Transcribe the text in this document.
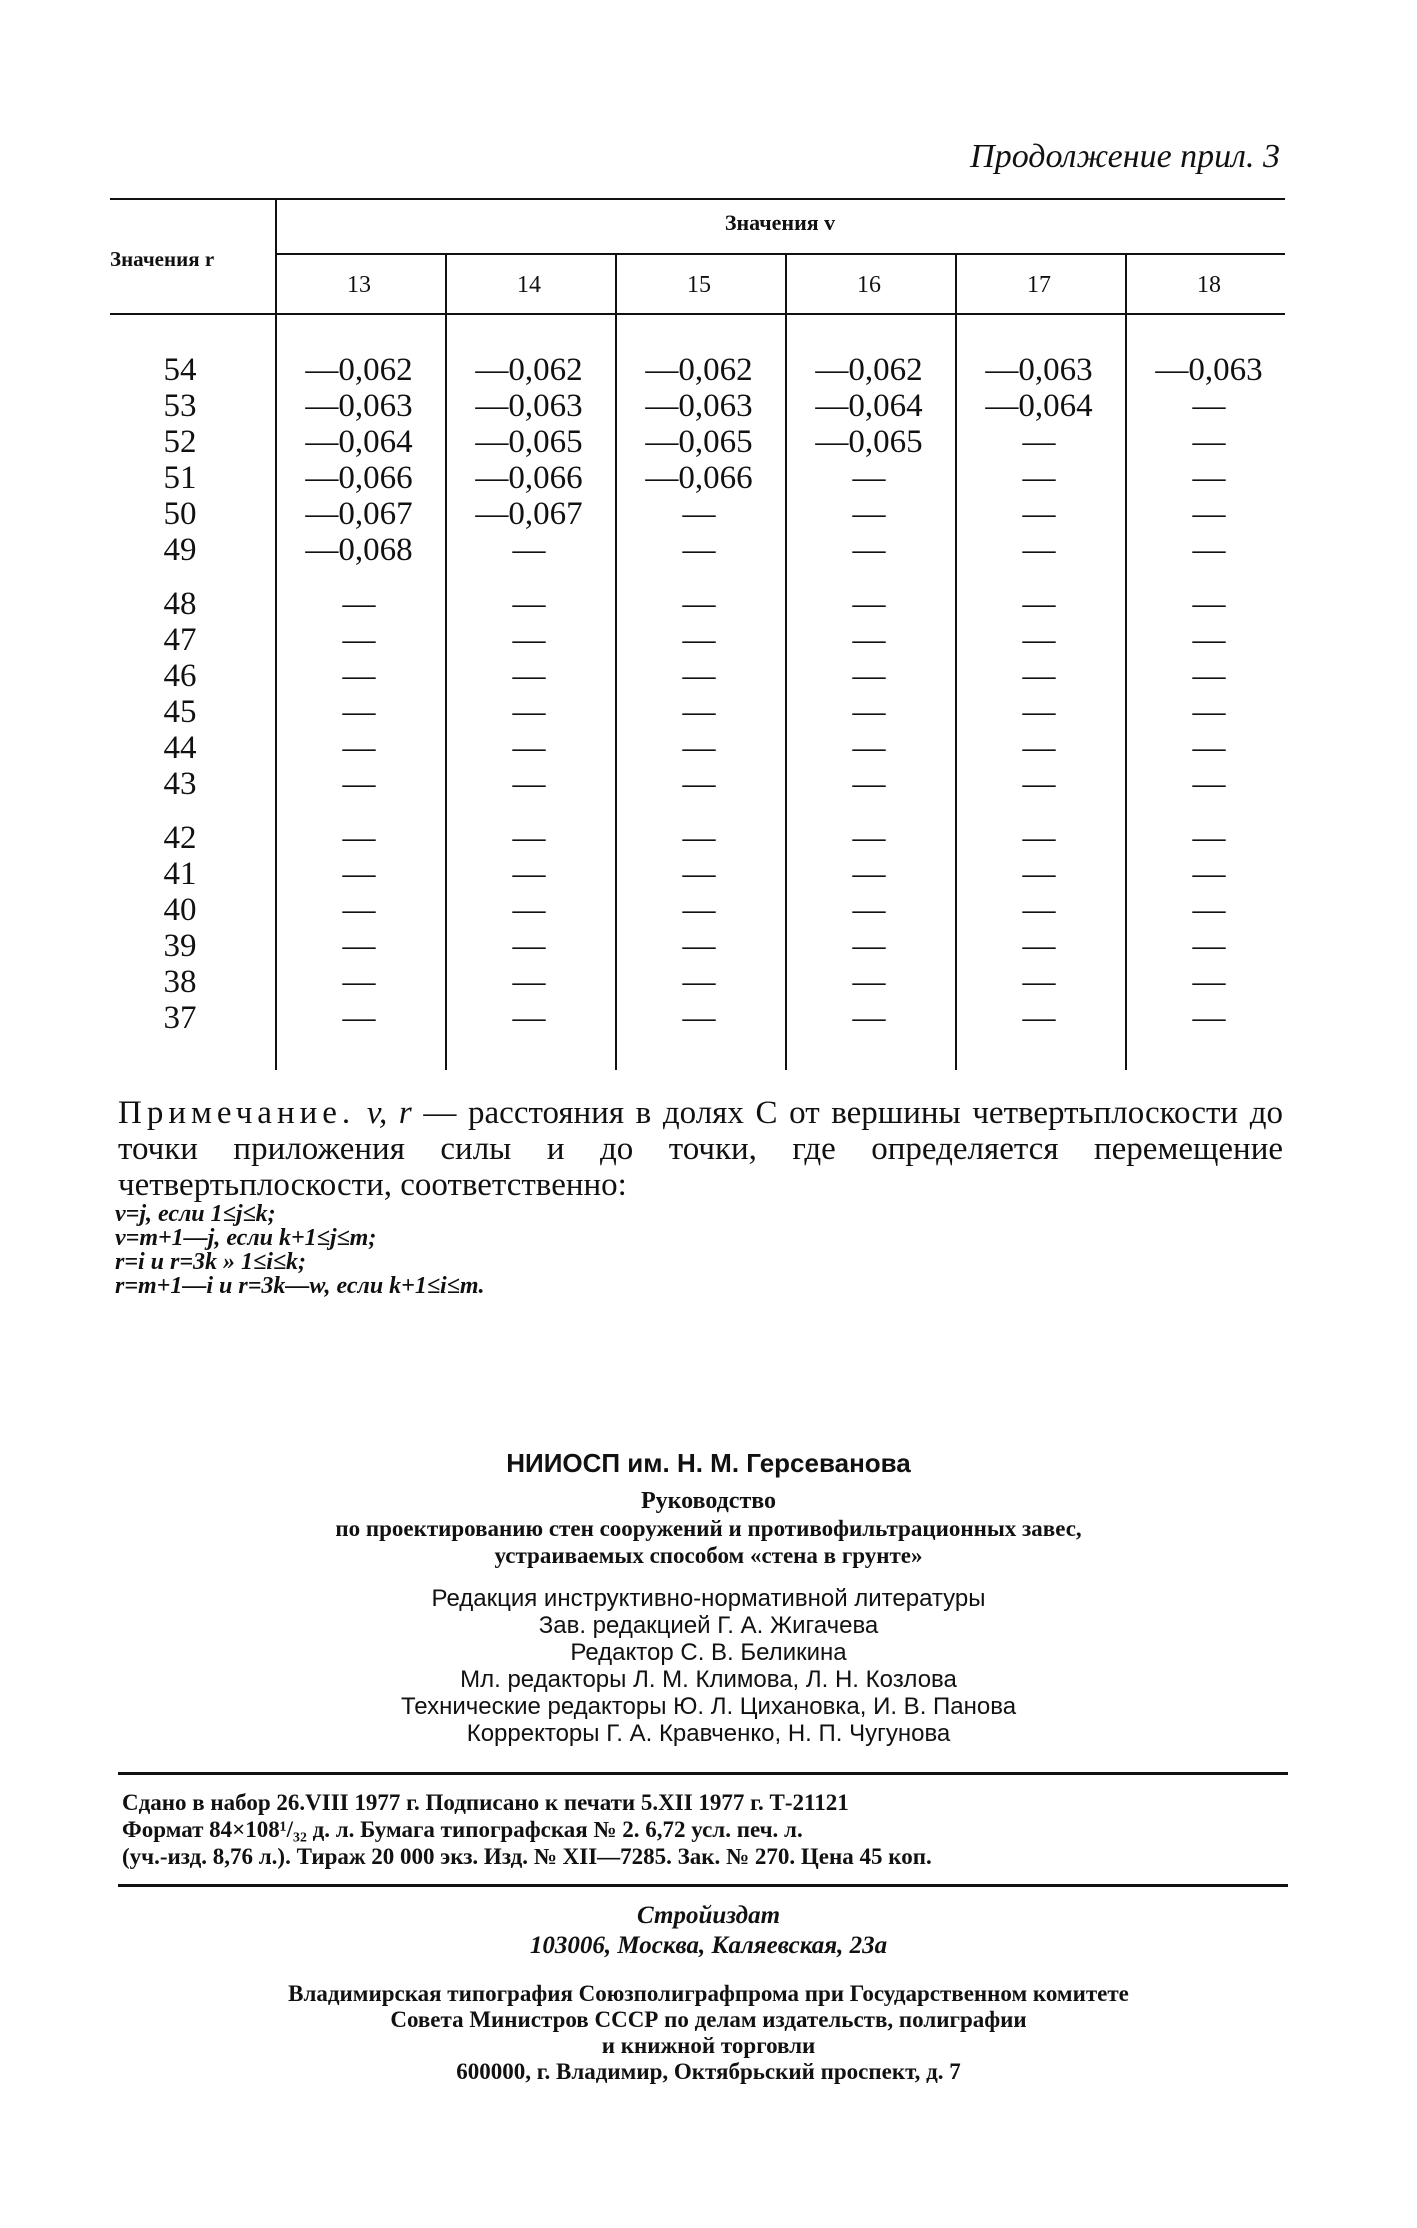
Продолжение прил. 3
Значения r
Значения v
13	14	15	16	17	18
54	—0,062	—0,062	—0,062	—0,062	—0,063	—0,063
53	—0,063	—0,063	—0,063	—0,064	—0,064	—
52	—0,064	—0,065	—0,065	—0,065	—	—
51	—0,066	—0,066	—0,066	—	—	—
50	—0,067	—0,067	—	—	—	—
49	—0,068	—	—	—	—	—
48	—	—	—	—	—	—
47	—	—	—	—	—	—
46	—	—	—	—	—	—
45	—	—	—	—	—	—
44	—	—	—	—	—	—
43	—	—	—	—	—	—
42	—	—	—	—	—	—
41	—	—	—	—	—	—
40	—	—	—	—	—	—
39	—	—	—	—	—	—
38	—	—	—	—	—	—
37	—	—	—	—	—	—
Примечание. v, r — расстояния в долях C от вершины четвертьплоскости до точки приложения силы и до точки, где определяется перемещение четвертьплоскости, соответственно:
v=j, если 1≤j≤k;
v=m+1—j, если k+1≤j≤m;
r=i и r=3k » 1≤i≤k;
r=m+1—i и r=3k—w, если k+1≤i≤m.
НИИОСП им. Н. М. Герсеванова
Руководство
по проектированию стен сооружений и противофильтрационных завес,
устраиваемых способом «стена в грунте»
Редакция инструктивно-нормативной литературы
Зав. редакцией Г. А. Жигачева
Редактор С. В. Беликина
Мл. редакторы Л. М. Климова, Л. Н. Козлова
Технические редакторы Ю. Л. Цихановка, И. В. Панова
Корректоры Г. А. Кравченко, Н. П. Чугунова
Сдано в набор 26.VIII 1977 г. Подписано к печати 5.XII 1977 г. Т-21121
Формат 84×108¹/₃₂ д. л. Бумага типографская № 2. 6,72 усл. печ. л.
(уч.-изд. 8,76 л.). Тираж 20 000 экз. Изд. № XII—7285. Зак. № 270. Цена 45 коп.
Стройиздат
103006, Москва, Каляевская, 23а
Владимирская типография Союзполиграфпрома при Государственном комитете
Совета Министров СССР по делам издательств, полиграфии
и книжной торговли
600000, г. Владимир, Октябрьский проспект, д. 7
